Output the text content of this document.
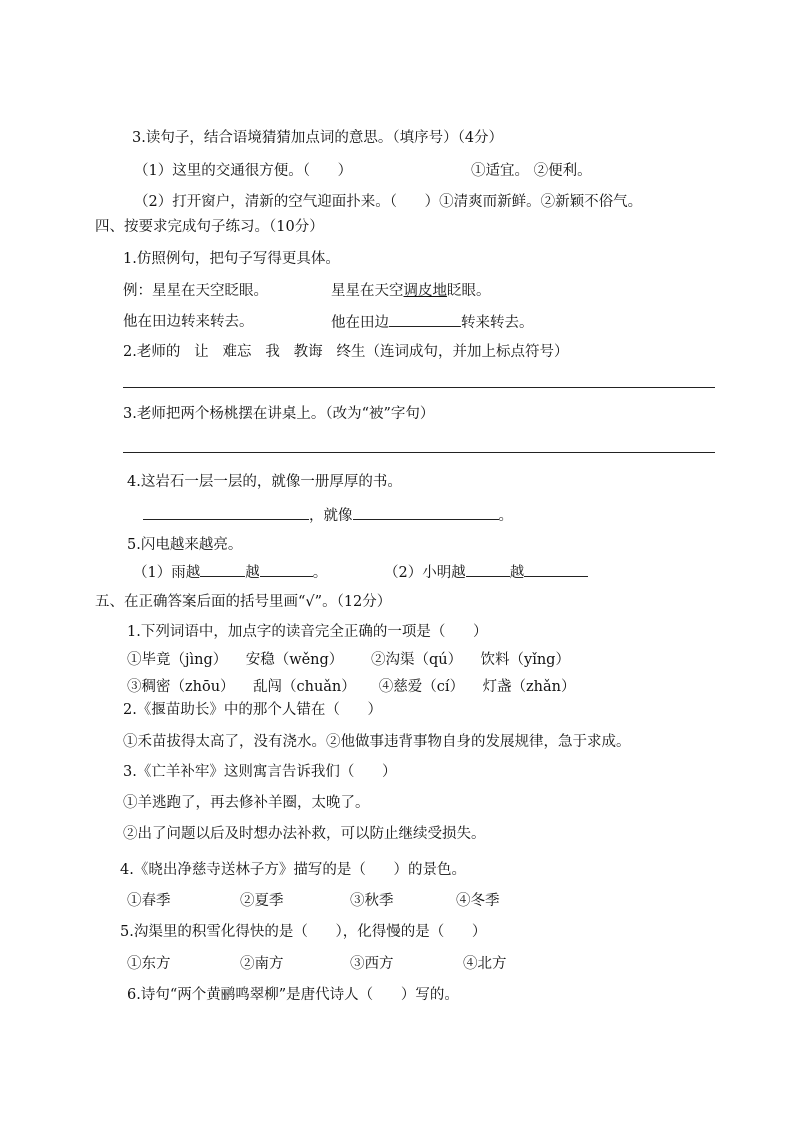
3.读句子，结合语境猜猜加点词的意思。（填序号）（4分）
（1）这里的交通很方便。（      ）	①适宜。 ②便利。
（2）打开窗户，清新的空气迎面扑来。（      ）①清爽而新鲜。②新颖不俗气。
四、按要求完成句子练习。（10分）
1.仿照例句，把句子写得更具体。
例：星星在天空眨眼。	星星在天空调皮地眨眼。
他在田边转来转去。	他在田边	转来转去。
2.老师的   让   难忘   我   教诲   终生（连词成句，并加上标点符号）
3.老师把两个杨桃摆在讲桌上。（改为“被”字句）
4.这岩石一层一层的，就像一册厚厚的书。
，就像	。
5.闪电越来越亮。
（1）雨越	越	。	（2）小明越	越
五、在正确答案后面的括号里画“√”。（12分）
1.下列词语中，加点字的读音完全正确的一项是（      ）
①毕竟（jìng）    安稳（wěng）      ②沟渠（qú）    饮料（yǐng）
③稠密（zhōu）    乱闯（chuǎn）     ④慈爱（cí）    灯盏（zhǎn）
2.《揠苗助长》中的那个人错在（      ）
①禾苗拔得太高了，没有浇水。②他做事违背事物自身的发展规律，急于求成。
3.《亡羊补牢》这则寓言告诉我们（      ）
①羊逃跑了，再去修补羊圈，太晚了。
②出了问题以后及时想办法补救，可以防止继续受损失。
4.《晓出净慈寺送林子方》描写的是（      ）的景色。
①春季	②夏季	③秋季	④冬季
5.沟渠里的积雪化得快的是（      ），化得慢的是（      ）
①东方	②南方	③西方	④北方
6.诗句“两个黄鹂鸣翠柳”是唐代诗人（      ）写的。
